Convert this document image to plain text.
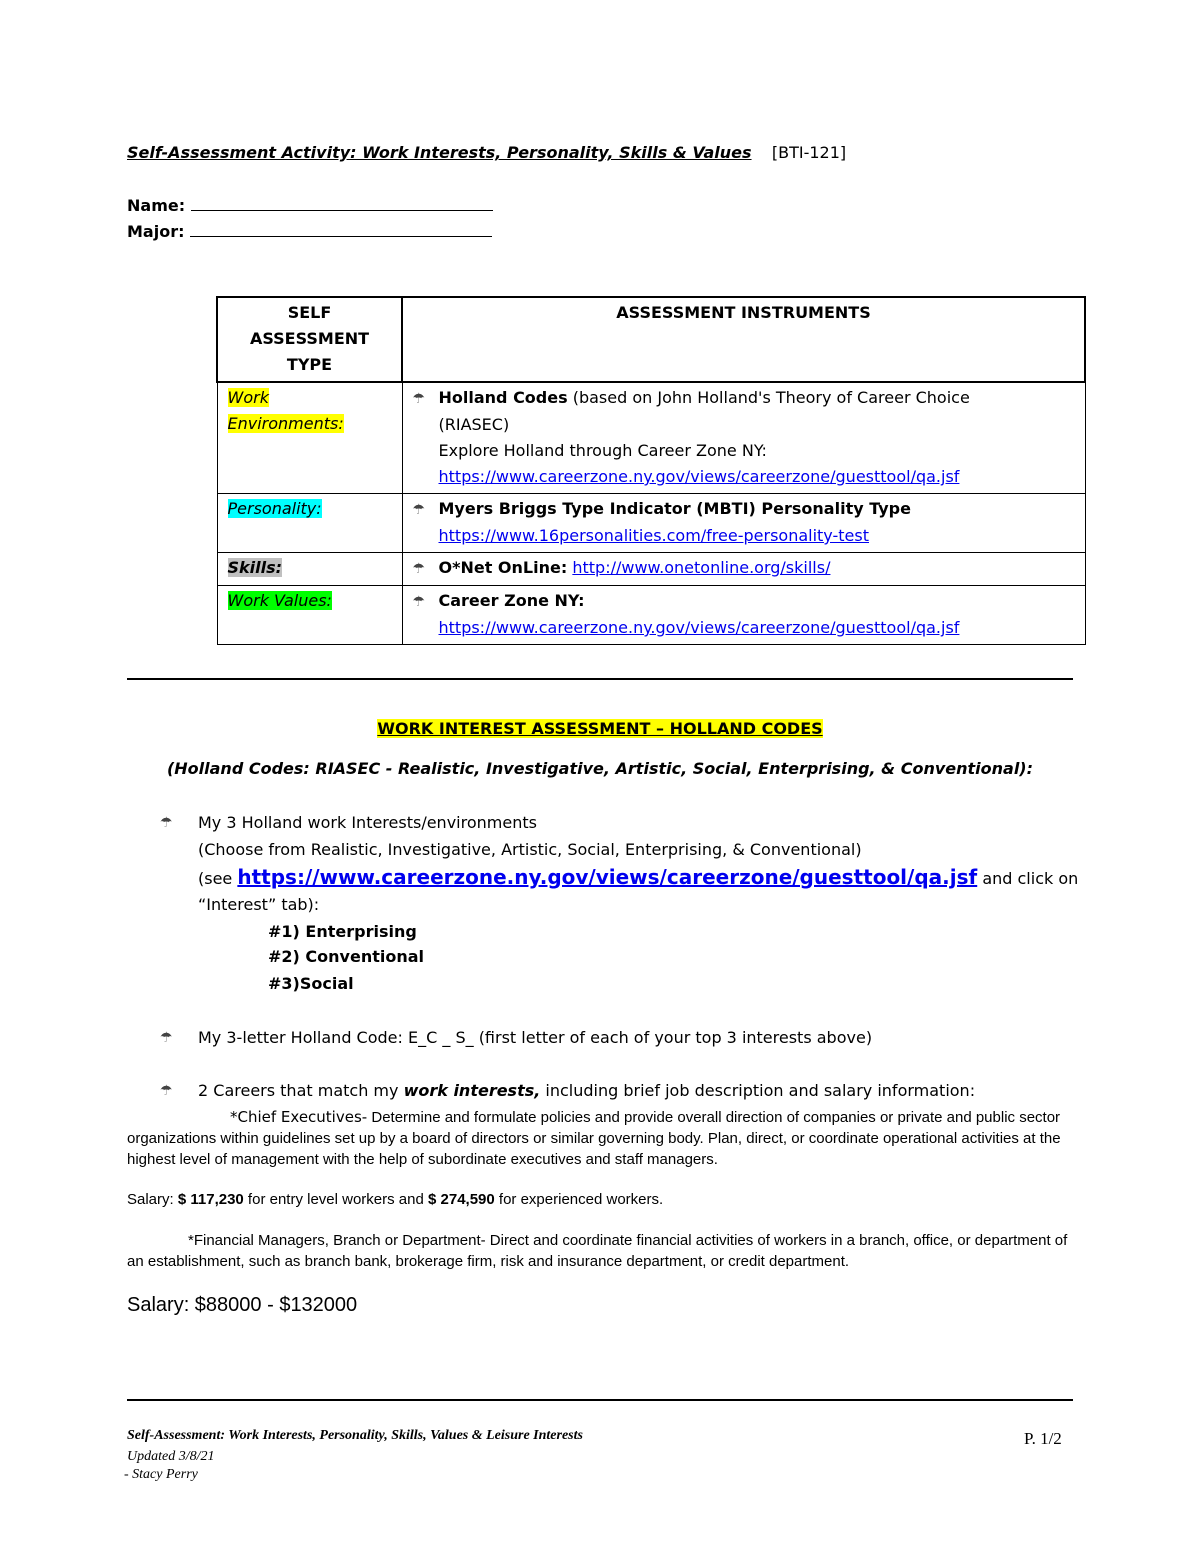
Self-Assessment Activity: Work Interests, Personality, Skills & Values [BTI-121]
Name:
Major:
SELF
ASSESSMENT
TYPE	ASSESSMENT INSTRUMENTS
Work
Environments:	☂ Holland Codes (based on John Holland's Theory of Career Choice
(RIASEC)
Explore Holland through Career Zone NY:
https://www.careerzone.ny.gov/views/careerzone/guesttool/qa.jsf

Personality:	☂ Myers Briggs Type Indicator (MBTI) Personality Type
https://www.16personalities.com/free-personality-test

Skills:	☂ O*Net OnLine: http://www.onetonline.org/skills/
Work Values:	☂ Career Zone NY:
https://www.careerzone.ny.gov/views/careerzone/guesttool/qa.jsf
WORK INTEREST ASSESSMENT – HOLLAND CODES
(Holland Codes: RIASEC - Realistic, Investigative, Artistic, Social, Enterprising, & Conventional):
☂ My 3 Holland work Interests/environments
(Choose from Realistic, Investigative, Artistic, Social, Enterprising, & Conventional)
(see https://www.careerzone.ny.gov/views/careerzone/guesttool/qa.jsf and click on
“Interest” tab):
#1) Enterprising
#2) Conventional
#3)Social
☂ My 3-letter Holland Code: E_C _ S_ (first letter of each of your top 3 interests above)
☂ 2 Careers that match my work interests, including brief job description and salary information:
*Chief Executives- Determine and formulate policies and provide overall direction of companies or private and public sector organizations within guidelines set up by a board of directors or similar governing body. Plan, direct, or coordinate operational activities at the highest level of management with the help of subordinate executives and staff managers.
Salary: $ 117,230 for entry level workers and $ 274,590 for experienced workers.
*Financial Managers, Branch or Department- Direct and coordinate financial activities of workers in a branch, office, or department of an establishment, such as branch bank, brokerage firm, risk and insurance department, or credit department.
Salary: $88000 - $132000
Self-Assessment: Work Interests, Personality, Skills, Values & Leisure Interests
Updated 3/8/21
- Stacy Perry
P. 1/2
